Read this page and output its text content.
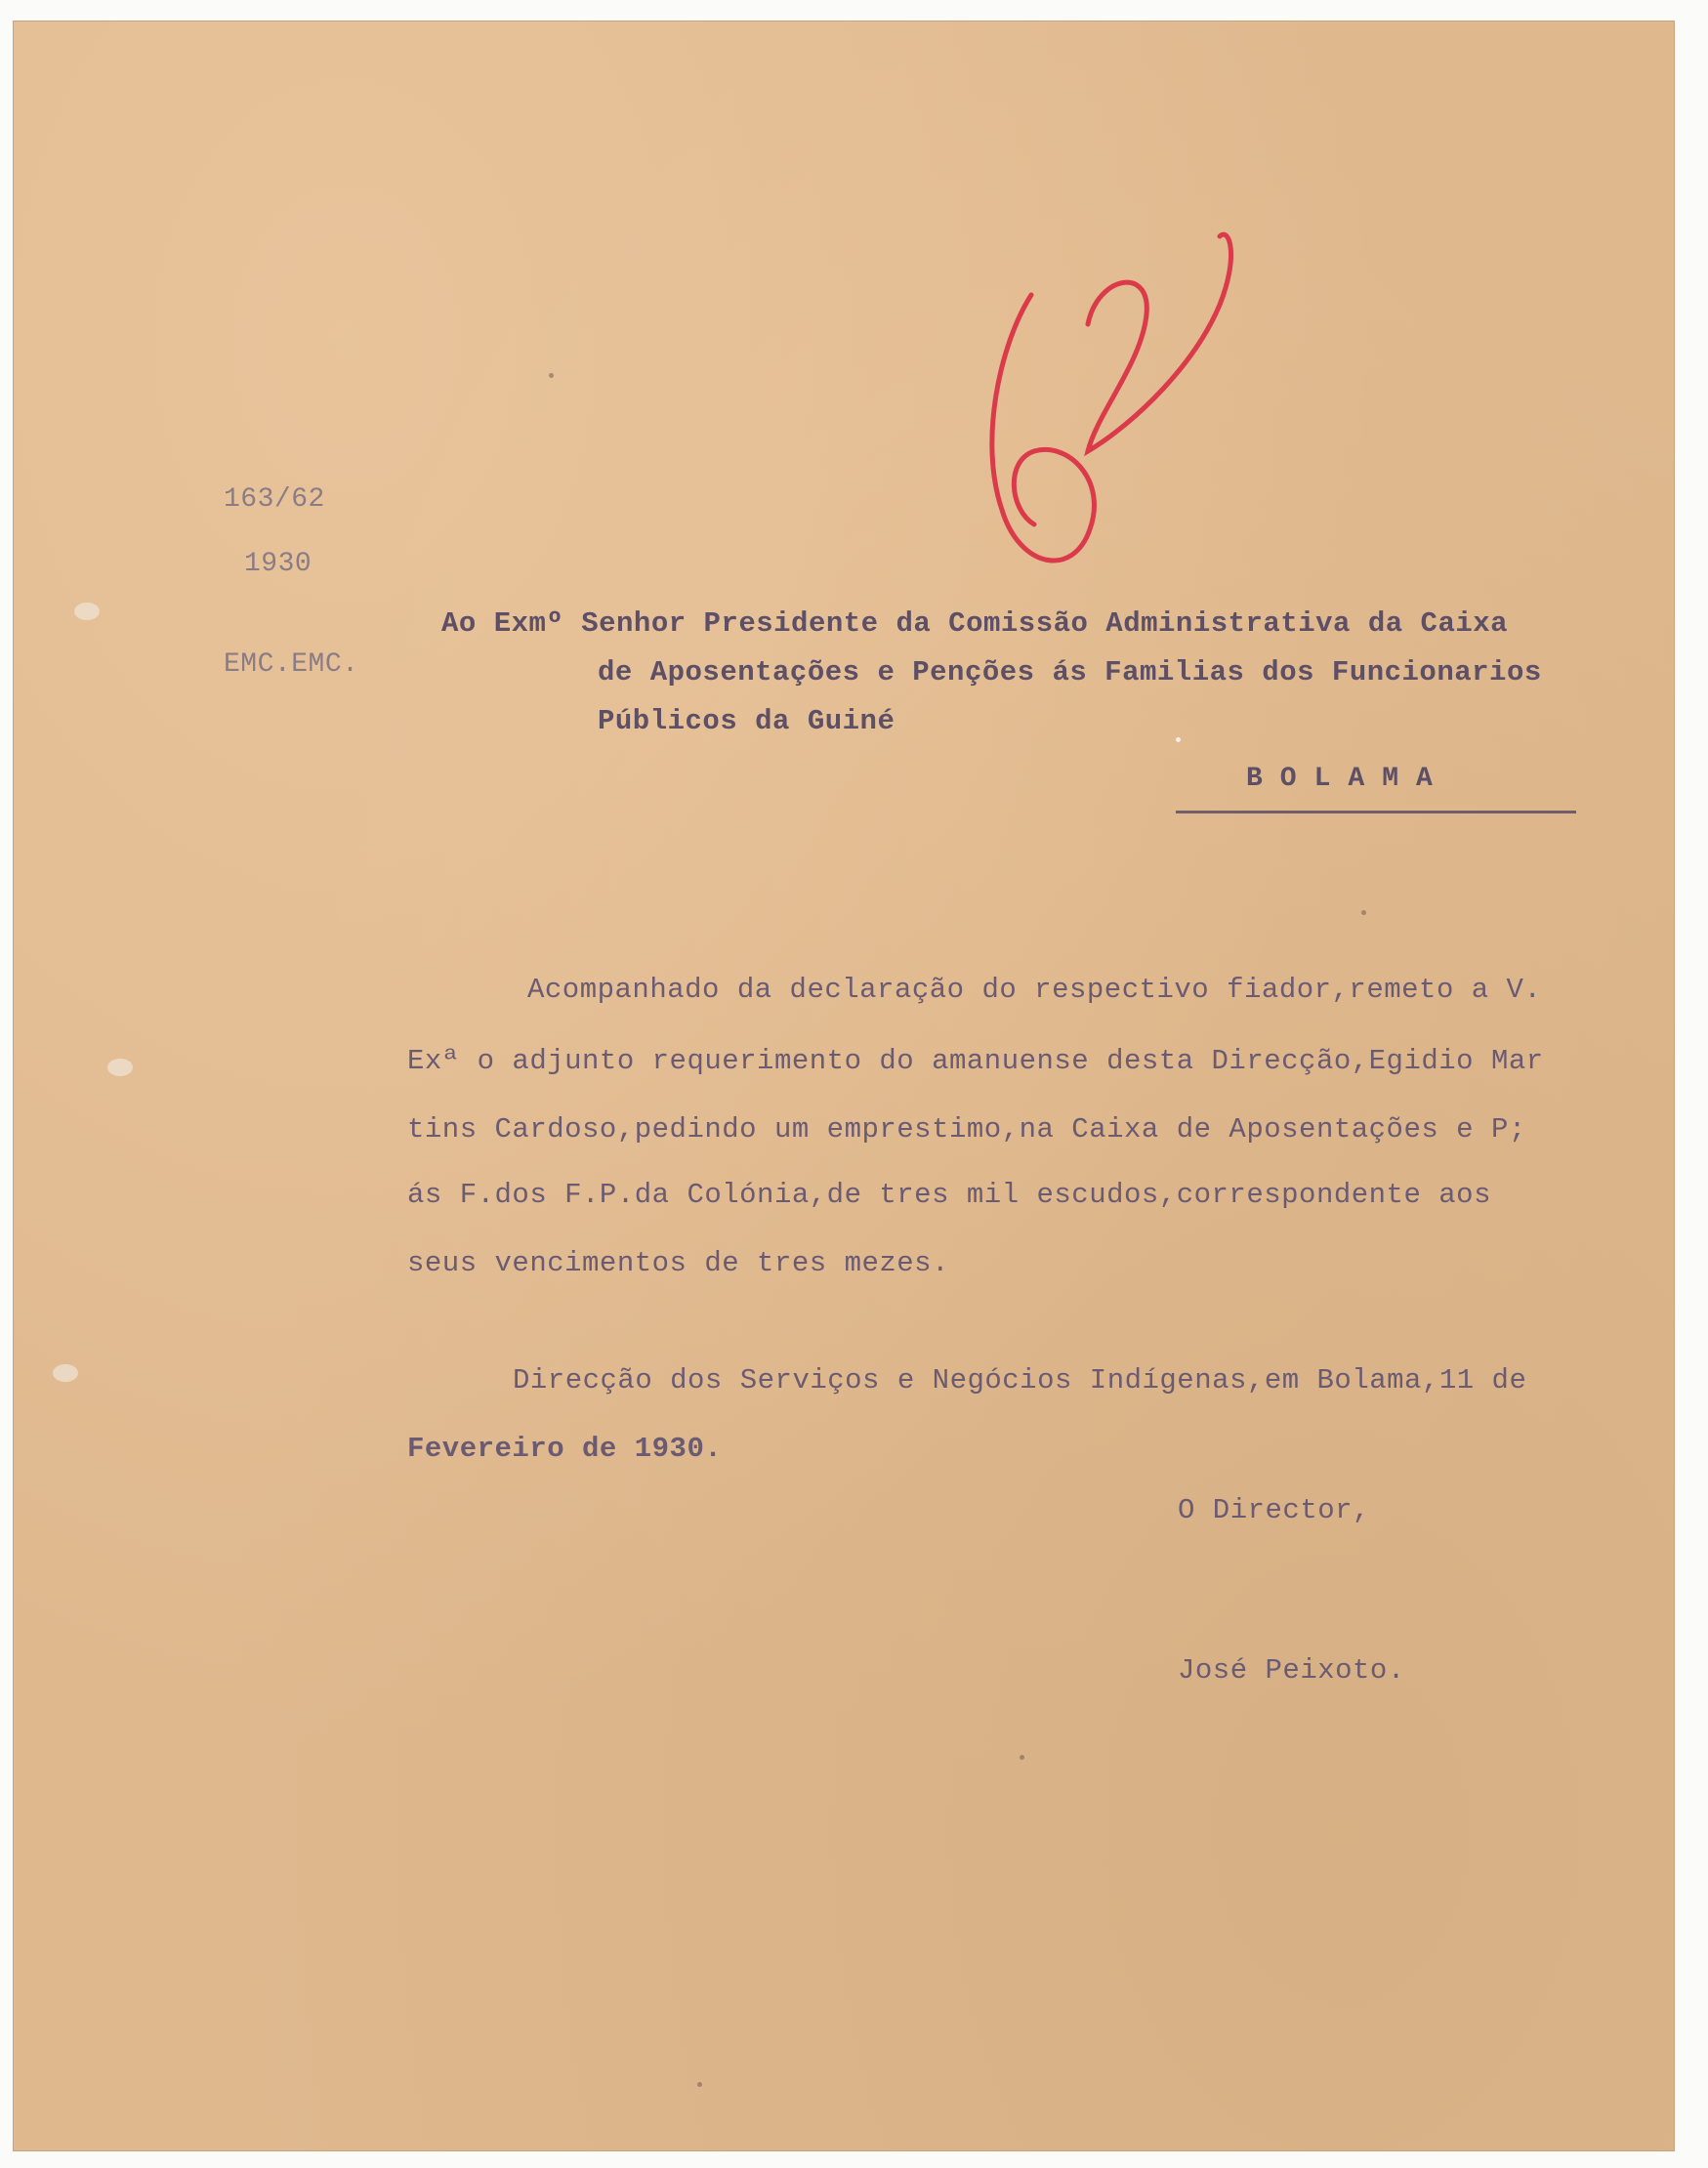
163/62
1930
EMC.EMC.
Ao Exmº Senhor Presidente da Comissão Administrativa da Caixa
de Aposentações e Penções ás Familias dos Funcionarios
Públicos da Guiné
BOLAMA
Acompanhado da declaração do respectivo fiador,remeto a V.
Exª o adjunto requerimento do amanuense desta Direcção,Egidio Mar
tins Cardoso,pedindo um emprestimo,na Caixa de Aposentações e P;
ás F.dos F.P.da Colónia,de tres mil escudos,correspondente aos
seus vencimentos de tres mezes.
Direcção dos Serviços e Negócios Indígenas,em Bolama,11 de
Fevereiro de 1930.
O Director,
José Peixoto.
